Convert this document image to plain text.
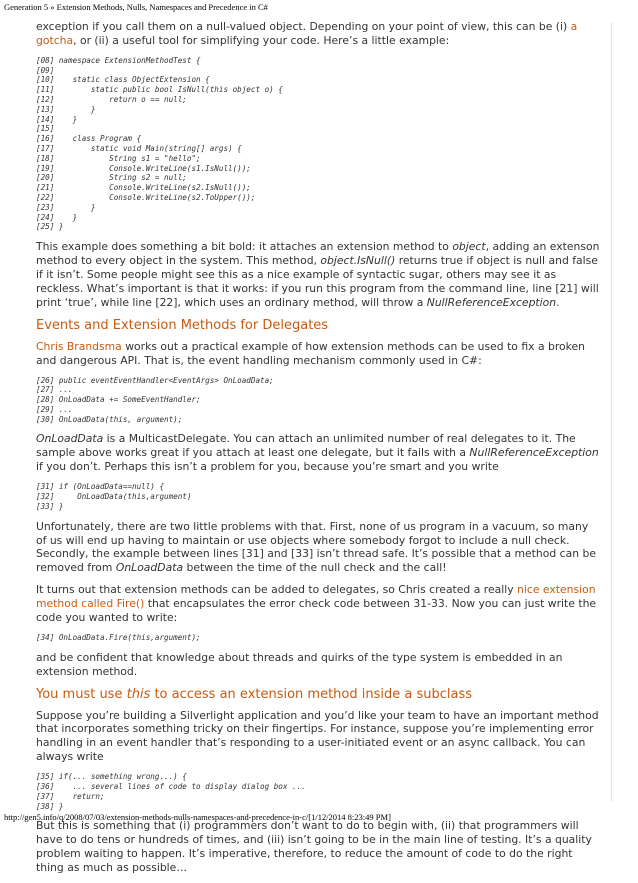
Generation 5 » Extension Methods, Nulls, Namespaces and Precedence in C#

exception if you call them on a null-valued object. Depending on your point of view, this can be (i) a gotcha, or (ii) a useful tool for simplifying your code. Here’s a little example:

[08] namespace ExtensionMethodTest {
[09]
[10]    static class ObjectExtension {
[11]        static public bool IsNull(this object o) {
[12]            return o == null;
[13]        }
[14]    }
[15]
[16]    class Program {
[17]        static void Main(string[] args) {
[18]            String s1 = "hello";
[19]            Console.WriteLine(s1.IsNull());
[20]            String s2 = null;
[21]            Console.WriteLine(s2.IsNull());
[22]            Console.WriteLine(s2.ToUpper());
[23]        }
[24]    }
[25] }

This example does something a bit bold: it attaches an extension method to object, adding an extenson method to every object in the system. This method, object.IsNull() returns true if object is null and false if it isn’t. Some people might see this as a nice example of syntactic sugar, others may see it as reckless. What’s important is that it works: if you run this program from the command line, line [21] will print ‘true’, while line [22], which uses an ordinary method, will throw a NullReferenceException.

Events and Extension Methods for Delegates

Chris Brandsma works out a practical example of how extension methods can be used to fix a broken and dangerous API. That is, the event handling mechanism commonly used in C#:

[26] public eventEventHandler<EventArgs> OnLoadData;
[27] ...
[28] OnLoadData += SomeEventHandler;
[29] ...
[30] OnLoadData(this, argument);

OnLoadData is a MulticastDelegate. You can attach an unlimited number of real delegates to it. The sample above works great if you attach at least one delegate, but it fails with a NullReferenceException if you don’t. Perhaps this isn’t a problem for you, because you’re smart and you write

[31] if (OnLoadData==null) {
[32]     OnLoadData(this,argument)
[33] }

Unfortunately, there are two little problems with that. First, none of us program in a vacuum, so many of us will end up having to maintain or use objects where somebody forgot to include a null check. Secondly, the example between lines [31] and [33] isn’t thread safe. It’s possible that a method can be removed from OnLoadData between the time of the null check and the call!

It turns out that extension methods can be added to delegates, so Chris created a really nice extension method called Fire() that encapsulates the error check code between 31-33. Now you can just write the code you wanted to write:

[34] OnLoadData.Fire(this,argument);

and be confident that knowledge about threads and quirks of the type system is embedded in an extension method.

You must use this to access an extension method inside a subclass

Suppose you’re building a Silverlight application and you’d like your team to have an important method that incorporates something tricky on their fingertips. For instance, suppose you’re implementing error handling in an event handler that’s responding to a user-initiated event or an async callback. You can always write

[35] if(... something wrong...) {
[36]    ... several lines of code to display dialog box ...
[37]    return;
[38] }

But this is something that (i) programmers don’t want to do to begin with, (ii) that programmers will have to do tens or hundreds of times, and (iii) isn’t going to be in the main line of testing. It’s a quality problem waiting to happen. It’s imperative, therefore, to reduce the amount of code to do the right thing as much as possible…

http://gen5.info/q/2008/07/03/extension-methods-nulls-namespaces-and-precedence-in-c/[1/12/2014 8:23:49 PM]
